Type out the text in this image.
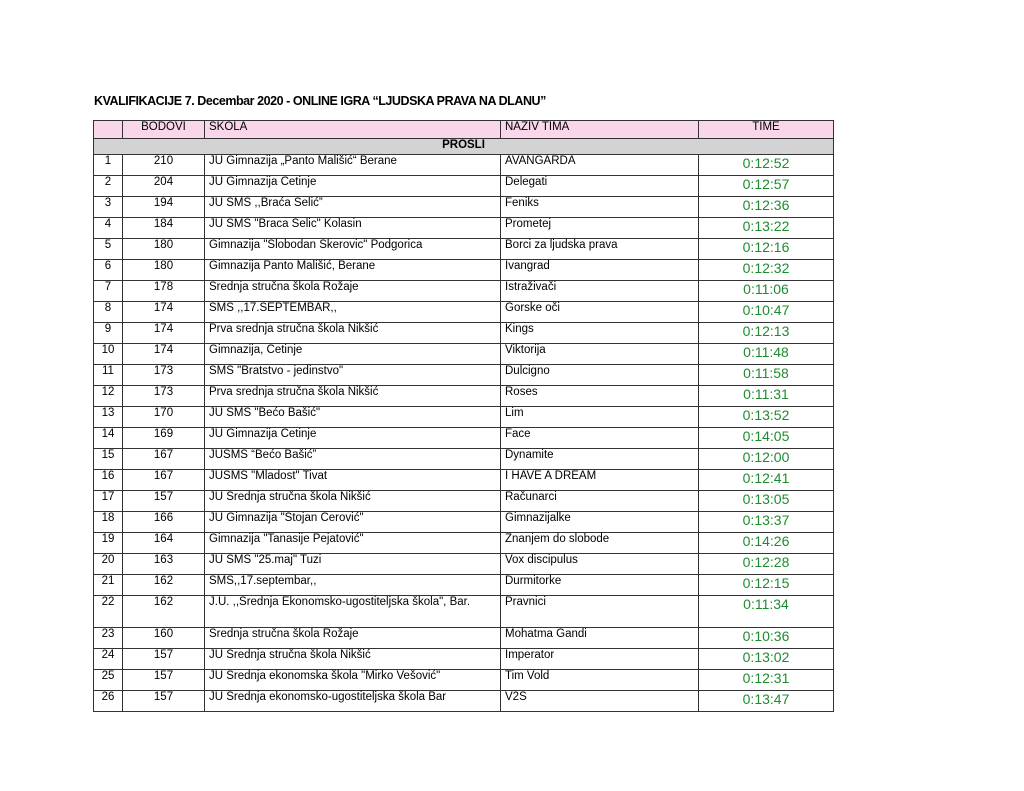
KVALIFIKACIJE 7. Decembar 2020 - ONLINE IGRA “LJUDSKA PRAVA NA DLANU”
	BODOVI	SKOLA	NAZIV TIMA	TIME
PROSLI				
1	210	JU Gimnazija „Panto Mališić“ Berane	AVANGARDA	0:12:52
2	204	JU Gimnazija Cetinje	Delegati	0:12:57
3	194	JU SMŠ ,,Braća Selić”	Feniks	0:12:36
4	184	JU SMS "Braca Selic" Kolasin	Prometej	0:13:22
5	180	Gimnazija "Slobodan Skerovic" Podgorica	Borci za ljudska prava	0:12:16
6	180	Gimnazija Panto Mališić, Berane	Ivangrad	0:12:32
7	178	Srednja stručna škola Rožaje	Istraživači	0:11:06
8	174	SMŠ ,,17.SEPTEMBAR,,	Gorske oči	0:10:47
9	174	Prva srednja stručna škola Nikšić	Kings	0:12:13
10	174	Gimnazija, Cetinje	Viktorija	0:11:48
11	173	SMŠ "Bratstvo - jedinstvo"	Dulcigno	0:11:58
12	173	Prva srednja stručna škola Nikšić	Roses	0:11:31
13	170	JU SMŠ "Bećo Bašić"	Lim	0:13:52
14	169	JU Gimnazija Cetinje	Face	0:14:05
15	167	JUSMŠ “Bećo Bašić”	Dynamite	0:12:00
16	167	JUSMŠ "Mladost" Tivat	I HAVE A DREAM	0:12:41
17	157	JU Srednja stručna škola Nikšić	Računarci	0:13:05
18	166	JU Gimnazija "Stojan Cerović"	Gimnazijalke	0:13:37
19	164	Gimnazija "Tanasije Pejatović"	Znanjem do slobode	0:14:26
20	163	JU SMŠ "25.maj" Tuzi	Vox discipulus	0:12:28
21	162	SMŠ,,17.septembar,,	Durmitorke	0:12:15
22	162	J.U. ,,Srednja Ekonomsko-ugostiteljska škola", Bar.	Pravnici	0:11:34
23	160	Srednja stručna škola Rožaje	Mohatma Gandi	0:10:36
24	157	JU Srednja stručna škola Nikšić	Imperator	0:13:02
25	157	JU Srednja ekonomska škola "Mirko Vešović"	Tim Vold	0:12:31
26	157	JU Srednja ekonomsko-ugostiteljska škola Bar	V2Š	0:13:47
